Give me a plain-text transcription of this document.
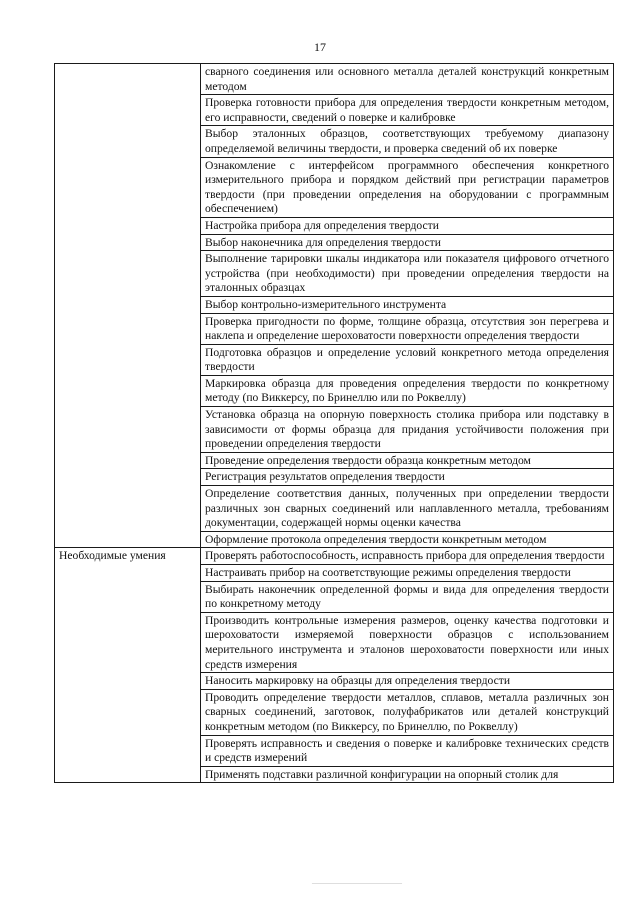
17
	сварного соединения или основного металла деталей конструкций конкретным методом
	Проверка готовности прибора для определения твердости конкретным методом, его исправности, сведений о поверке и калибровке
	Выбор эталонных образцов, соответствующих требуемому диапазону определяемой величины твердости, и проверка сведений об их поверке
	Ознакомление с интерфейсом программного обеспечения конкретного измерительного прибора и порядком действий при регистрации параметров твердости (при проведении определения на оборудовании с программным обеспечением)
	Настройка прибора для определения твердости
	Выбор наконечника для определения твердости
	Выполнение тарировки шкалы индикатора или показателя цифрового отчетного устройства (при необходимости) при проведении определения твердости на эталонных образцах
	Выбор контрольно-измерительного инструмента
	Проверка пригодности по форме, толщине образца, отсутствия зон перегрева и наклепа и определение шероховатости поверхности определения твердости
	Подготовка образцов и определение условий конкретного метода определения твердости
	Маркировка образца для проведения определения твердости по конкретному методу (по Виккерсу, по Бринеллю или по Роквеллу)
	Установка образца на опорную поверхность столика прибора или подставку в зависимости от формы образца для придания устойчивости положения при проведении определения твердости
	Проведение определения твердости образца конкретным методом
	Регистрация результатов определения твердости
	Определение соответствия данных, полученных при определении твердости различных зон сварных соединений или наплавленного металла, требованиям документации, содержащей нормы оценки качества
	Оформление протокола определения твердости конкретным методом
Необходимые умения	Проверять работоспособность, исправность прибора для определения твердости
	Настраивать прибор на соответствующие режимы определения твердости
	Выбирать наконечник определенной формы и вида для определения твердости по конкретному методу
	Производить контрольные измерения размеров, оценку качества подготовки и шероховатости измеряемой поверхности образцов с использованием мерительного инструмента и эталонов шероховатости поверхности или иных средств измерения
	Наносить маркировку на образцы для определения твердости
	Проводить определение твердости металлов, сплавов, металла различных зон сварных соединений, заготовок, полуфабрикатов или деталей конструкций конкретным методом (по Виккерсу, по Бринеллю, по Роквеллу)
	Проверять исправность и сведения о поверке и калибровке технических средств и средств измерений
	Применять подставки различной конфигурации на опорный столик для
——————————
